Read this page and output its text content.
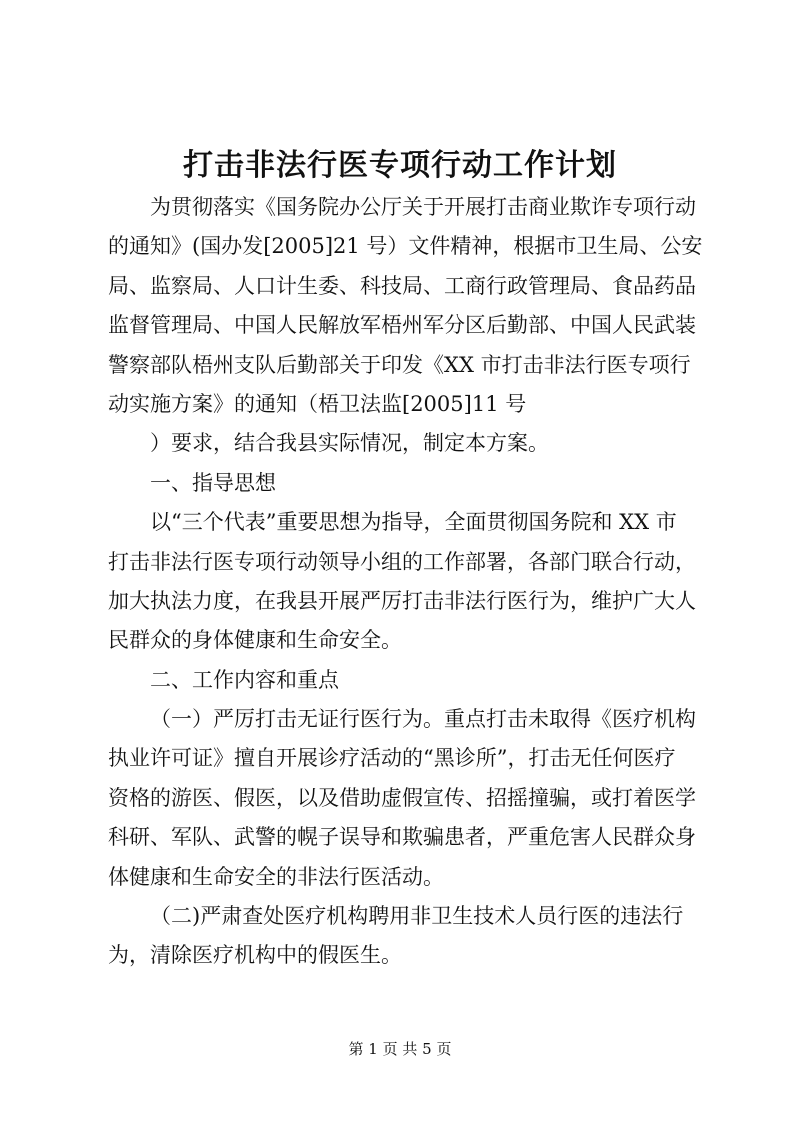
打击非法行医专项行动工作计划
为贯彻落实《国务院办公厅关于开展打击商业欺诈专项行动
的通知》(国办发[2005]21 号）文件精神，根据市卫生局、公安
局、监察局、人口计生委、科技局、工商行政管理局、食品药品
监督管理局、中国人民解放军梧州军分区后勤部、中国人民武装
警察部队梧州支队后勤部关于印发《XX 市打击非法行医专项行
动实施方案》的通知（梧卫法监[2005]11 号
）要求，结合我县实际情况，制定本方案。
一、指导思想
以“三个代表”重要思想为指导，全面贯彻国务院和 XX 市
打击非法行医专项行动领导小组的工作部署，各部门联合行动，
加大执法力度，在我县开展严厉打击非法行医行为，维护广大人
民群众的身体健康和生命安全。
二、工作内容和重点
（一）严厉打击无证行医行为。重点打击未取得《医疗机构
执业许可证》擅自开展诊疗活动的“黑诊所”，打击无任何医疗
资格的游医、假医，以及借助虚假宣传、招摇撞骗，或打着医学
科研、军队、武警的幌子误导和欺骗患者，严重危害人民群众身
体健康和生命安全的非法行医活动。
（二)严肃查处医疗机构聘用非卫生技术人员行医的违法行
为，清除医疗机构中的假医生。
第 1 页 共 5 页
